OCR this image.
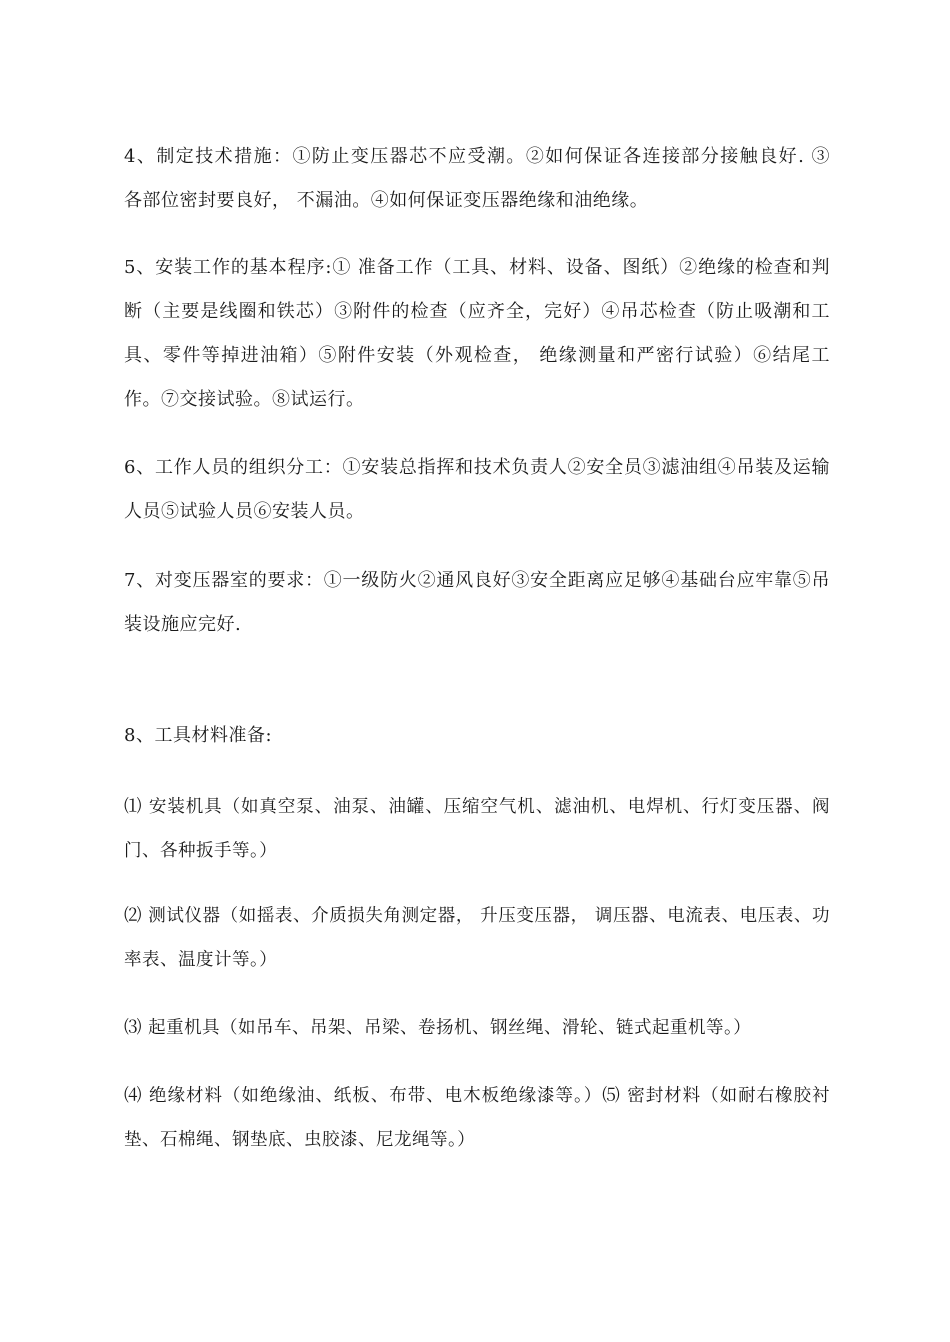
4、制定技术措施：①防止变压器芯不应受潮。②如何保证各连接部分接触良好. ③　 各部位密封要良好， 不漏油。④如何保证变压器绝缘和油绝缘。
5、安装工作的基本程序:① 准备工作（工具、材料、设备、图纸）②绝缘的检查和判断（主要是线圈和铁芯）③附件的检查（应齐全，完好）④吊芯检查（防止吸潮和工具、零件等掉进油箱）⑤附件安装（外观检查， 绝缘测量和严密行试验）⑥结尾工作。⑦交接试验。⑧试运行。
6、工作人员的组织分工：①安装总指挥和技术负责人②安全员③滤油组④吊装及运输人员⑤试验人员⑥安装人员。
7、对变压器室的要求：①一级防火②通风良好③安全距离应足够④基础台应牢靠⑤吊装设施应完好.
8、工具材料准备:
⑴ 安装机具（如真空泵、油泵、油罐、压缩空气机、滤油机、电焊机、行灯变压器、阀门、各种扳手等。）
⑵ 测试仪器（如摇表、介质损失角测定器， 升压变压器， 调压器、电流表、电压表、功率表、温度计等。）
⑶ 起重机具（如吊车、吊架、吊梁、卷扬机、钢丝绳、滑轮、链式起重机等。）
⑷ 绝缘材料（如绝缘油、纸板、布带、电木板绝缘漆等。）⑸ 密封材料（如耐右橡胶衬垫、石棉绳、钢垫底、虫胶漆、尼龙绳等。）
